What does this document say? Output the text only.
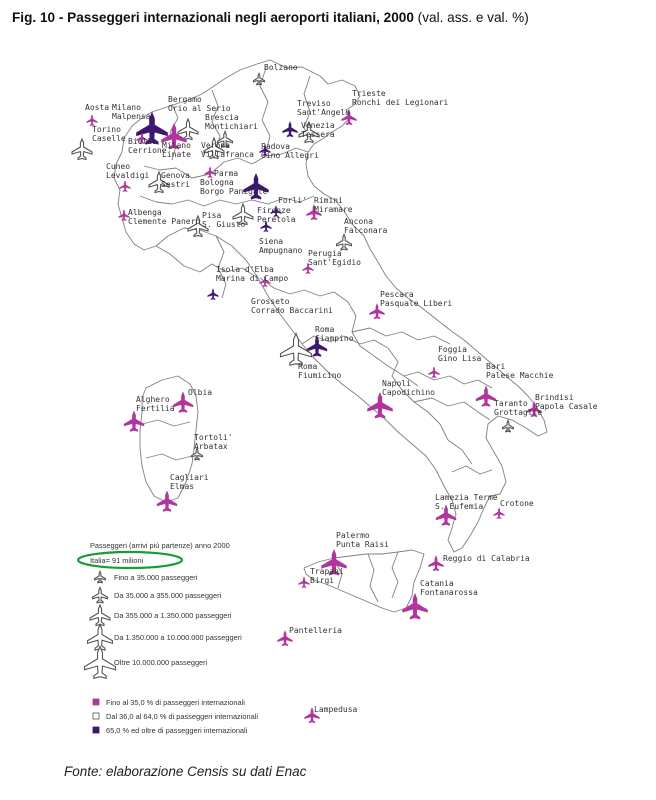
Fig. 10 - Passeggeri internazionali negli aeroporti italiani, 2000 (val. ass. e val. %)
Bolzano
Trieste
Ronchi dei Legionari
Aosta Milano
Malpensa
Bergamo
Orio al Serio
Brescia
Montichiari
Treviso
Sant'Angelo
Venezia
Tessera
Torino
Caselle Biella
Cerrione
Milano
Linate
Verona
Villafranca
Padova
Gino Allegri
Parma
Cuneo
Levaldigi Genova
Sestri Bologna
Borgo Panigale
Forli' Rimini
Miramare
Albenga
Clemente Panero
Pisa
S. Giusto
Firenze
Peretola	Ancona
Falconara
Siena
Ampugnano Perugia
Sant'Egidio
Isola d'Elba
Marina di Campo
Grosseto
Corrado Baccarini
Pescara
Pasquale Liberi
Roma
Ciampino
Roma
Fiumicino
Foggia
Gino Lisa
Bari
Palese Macchie
Brindisi
Papola Casale
Taranto
Grottaglie
Napoli
Capodichino
Alghero
Fertilia
Olbia
Tortoli'
Arbatax
Cagliari
Elmas
Lamezia Terme
S. Eufemia Crotone
Palermo
Punta Raisi
Reggio di Calabria
Trapani
Birgi	Catania
Fontanarossa
Pantelleria
Lampedusa
Passeggeri (arrivi più partenze) anno 2000
Italia= 91 milioni
Fino a 35.000 passeggeri
Da 35.000 a 355.000 passeggeri
Da 355.000 a 1.350.000 passeggeri
Da 1.350.000 a 10.000.000 passeggeri
Oltre 10.000.000 passeggeri
Fino al 35,0 % di passeggeri internazionali
Dal 36,0 al 64,0 % di passeggeri internazionali
65,0 % ed oltre di passeggeri internazionali
Fonte: elaborazione Censis su dati Enac
